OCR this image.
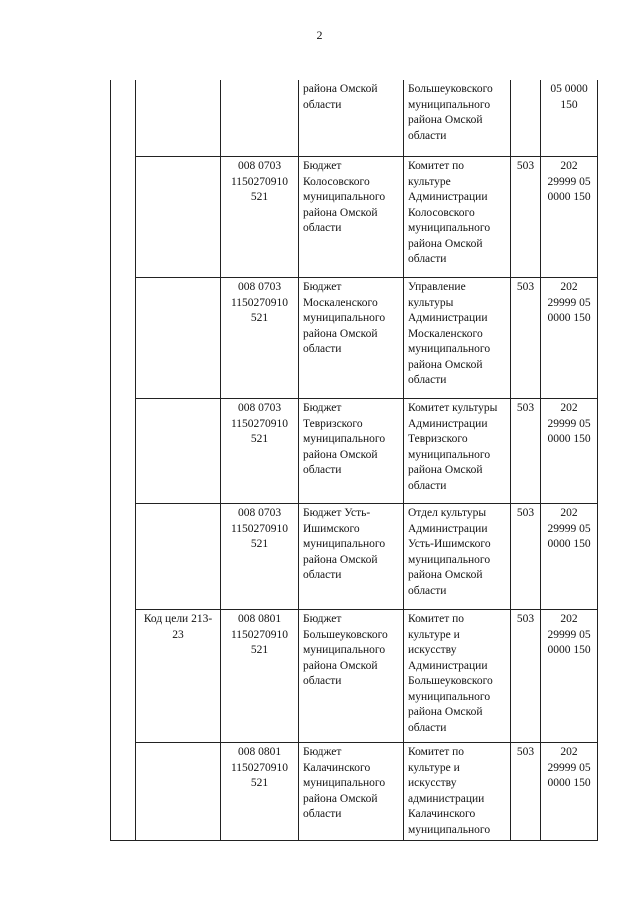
2
			района Омской области	Большеуковского муниципального района Омской области		05 0000 150
		008 0703 1150270910 521	Бюджет Колосовского муниципального района Омской области	Комитет по культуре Администрации Колосовского муниципального района Омской области	503	202 29999 05 0000 150
		008 0703 1150270910 521	Бюджет Москаленского муниципального района Омской области	Управление культуры Администрации Москаленского муниципального района Омской области	503	202 29999 05 0000 150
		008 0703 1150270910 521	Бюджет Тевризского муниципального района Омской области	Комитет культуры Администрации Тевризского муниципального района Омской области	503	202 29999 05 0000 150
		008 0703 1150270910 521	Бюджет Усть-Ишимского муниципального района Омской области	Отдел культуры Администрации Усть-Ишимского муниципального района Омской области	503	202 29999 05 0000 150
	Код цели 213-23	008 0801 1150270910 521	Бюджет Большеуковского муниципального района Омской области	Комитет по культуре и искусству Администрации Большеуковского муниципального района Омской области	503	202 29999 05 0000 150
		008 0801 1150270910 521	Бюджет Калачинского муниципального района Омской области	Комитет по культуре и искусству администрации Калачинского муниципального	503	202 29999 05 0000 150
